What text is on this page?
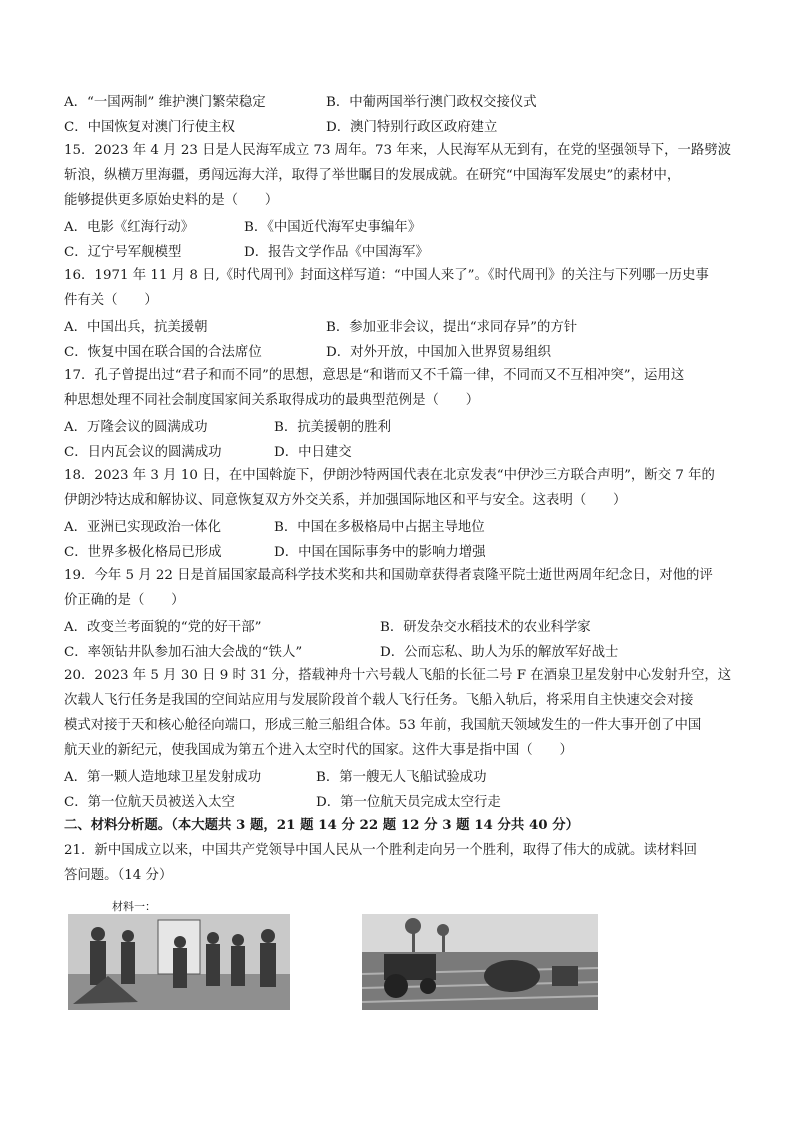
A．“一国两制” 维护澳门繁荣稳定	B．中葡两国举行澳门政权交接仪式
C．中国恢复对澳门行使主权	D．澳门特别行政区政府建立
15．2023 年 4 月 23 日是人民海军成立 73 周年。73 年来，人民海军从无到有，在党的坚强领导下，一路劈波
斩浪，纵横万里海疆，勇闯远海大洋，取得了举世瞩目的发展成就。在研究“中国海军发展史”的素材中，
能够提供更多原始史料的是（　　）
A．电影《红海行动》	B．《中国近代海军史事编年》
C．辽宁号军舰模型	D．报告文学作品《中国海军》
16．1971 年 11 月 8 日,《时代周刊》封面这样写道：“中国人来了”。《时代周刊》的关注与下列哪一历史事
件有关（　　）
A．中国出兵，抗美援朝	B．参加亚非会议，提出“求同存异”的方针
C．恢复中国在联合国的合法席位	D．对外开放，中国加入世界贸易组织
17．孔子曾提出过“君子和而不同”的思想，意思是“和谐而又不千篇一律，不同而又不互相冲突”，运用这
种思想处理不同社会制度国家间关系取得成功的最典型范例是（　　）
A．万隆会议的圆满成功	B．抗美援朝的胜利
C．日内瓦会议的圆满成功	D．中日建交
18．2023 年 3 月 10 日，在中国斡旋下，伊朗沙特两国代表在北京发表“中伊沙三方联合声明”，断交 7 年的
伊朗沙特达成和解协议、同意恢复双方外交关系，并加强国际地区和平与安全。这表明（　　）
A．亚洲已实现政治一体化	B．中国在多极格局中占据主导地位
C．世界多极化格局已形成	D．中国在国际事务中的影响力增强
19．今年 5 月 22 日是首届国家最高科学技术奖和共和国勋章获得者袁隆平院士逝世两周年纪念日，对他的评
价正确的是（　　）
A．改变兰考面貌的“党的好干部”	B．研发杂交水稻技术的农业科学家
C．率领钻井队参加石油大会战的“铁人”	D．公而忘私、助人为乐的解放军好战士
20．2023 年 5 月 30 日 9 时 31 分，搭载神舟十六号载人飞船的长征二号 F 在酒泉卫星发射中心发射升空，这
次载人飞行任务是我国的空间站应用与发展阶段首个载人飞行任务。飞船入轨后，将采用自主快速交会对接
模式对接于天和核心舱径向端口，形成三舱三船组合体。53 年前，我国航天领域发生的一件大事开创了中国
航天业的新纪元，使我国成为第五个进入太空时代的国家。这件大事是指中国（　　）
A．第一颗人造地球卫星发射成功	B．第一艘无人飞船试验成功
C．第一位航天员被送入太空	D．第一位航天员完成太空行走
二、材料分析题。（本大题共 3 题，21 题 14 分 22 题 12 分 3 题 14 分共 40 分）
21．新中国成立以来，中国共产党领导中国人民从一个胜利走向另一个胜利，取得了伟大的成就。读材料回
答问题。（14 分）
材料一：
